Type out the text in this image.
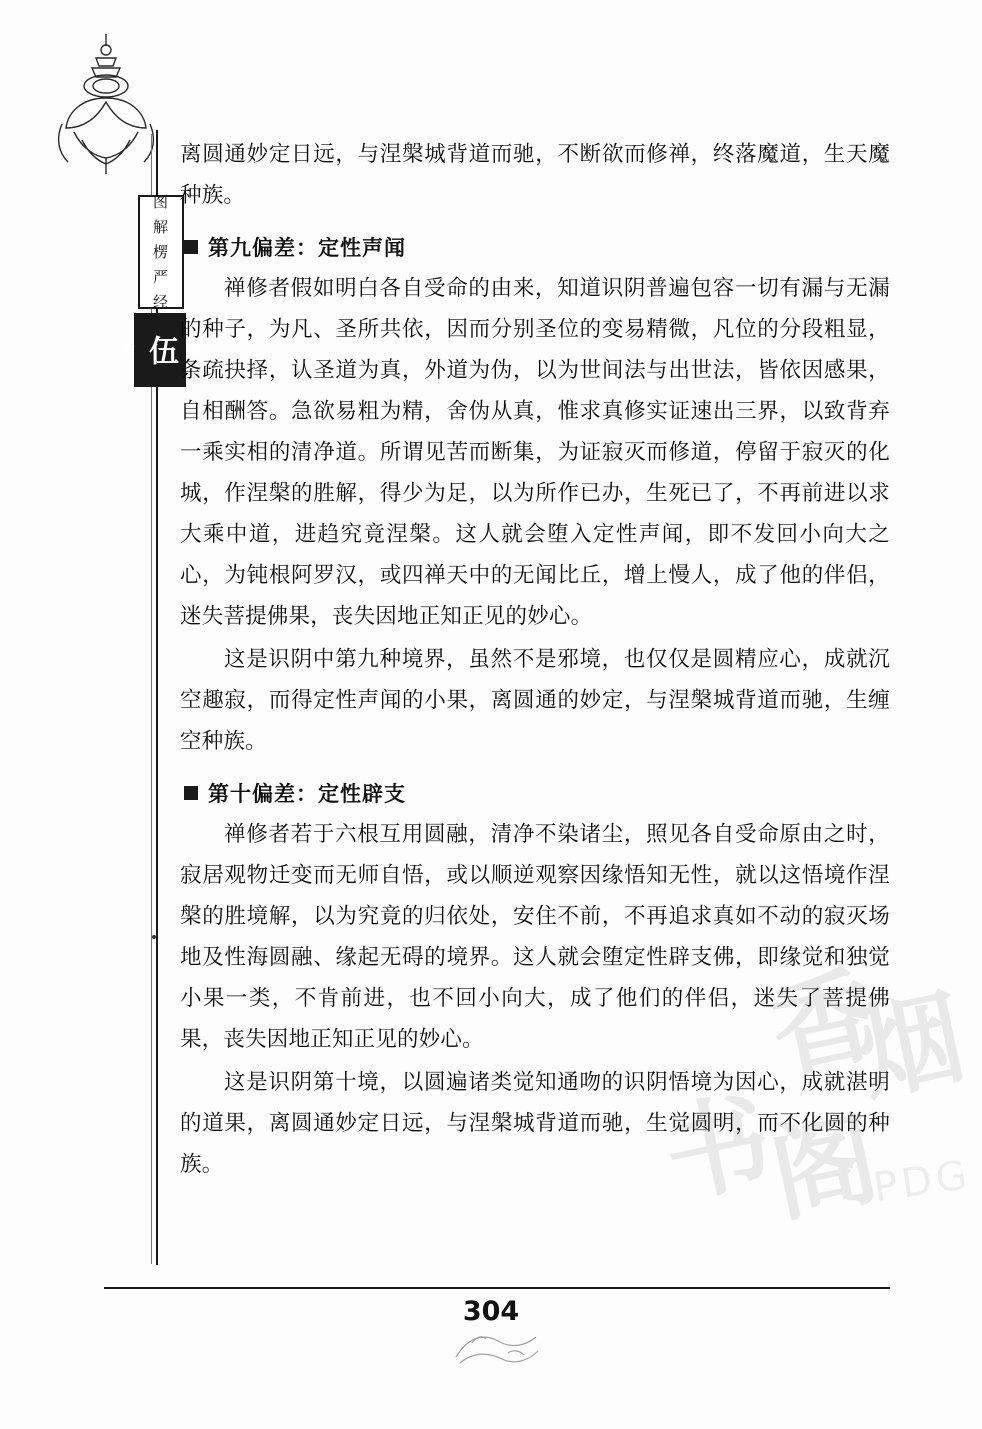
图
解
楞
严
经
第 伍 章

离圆通妙定日远，与涅槃城背道而驰，不断欲而修禅，终落魔道，生天魔种族。

第九偏差：定性声闻

禅修者假如明白各自受命的由来，知道识阴普遍包容一切有漏与无漏的种子，为凡、圣所共依，因而分别圣位的变易精微，凡位的分段粗显，条疏抉择，认圣道为真，外道为伪，以为世间法与出世法，皆依因感果，自相酬答。急欲易粗为精，舍伪从真，惟求真修实证速出三界，以致背弃一乘实相的清净道。所谓见苦而断集，为证寂灭而修道，停留于寂灭的化城，作涅槃的胜解，得少为足，以为所作已办，生死已了，不再前进以求大乘中道，进趋究竟涅槃。这人就会堕入定性声闻，即不发回小向大之心，为钝根阿罗汉，或四禅天中的无闻比丘，增上慢人，成了他的伴侣，迷失菩提佛果，丧失因地正知正见的妙心。

这是识阴中第九种境界，虽然不是邪境，也仅仅是圆精应心，成就沉空趣寂，而得定性声闻的小果，离圆通的妙定，与涅槃城背道而驰，生缠空种族。

第十偏差：定性辟支

禅修者若于六根互用圆融，清净不染诸尘，照见各自受命原由之时，寂居观物迁变而无师自悟，或以顺逆观察因缘悟知无性，就以这悟境作涅槃的胜境解，以为究竟的归依处，安住不前，不再追求真如不动的寂灭场地及性海圆融、缘起无碍的境界。这人就会堕定性辟支佛，即缘觉和独觉小果一类，不肯前进，也不回小向大，成了他们的伴侣，迷失了菩提佛果，丧失因地正知正见的妙心。

这是识阴第十境，以圆遍诸类觉知通吻的识阴悟境为因心，成就湛明的道果，离圆通妙定日远，与涅槃城背道而驰，生觉圆明，而不化圆的种族。

香
烟
书
阁
PDG
304
